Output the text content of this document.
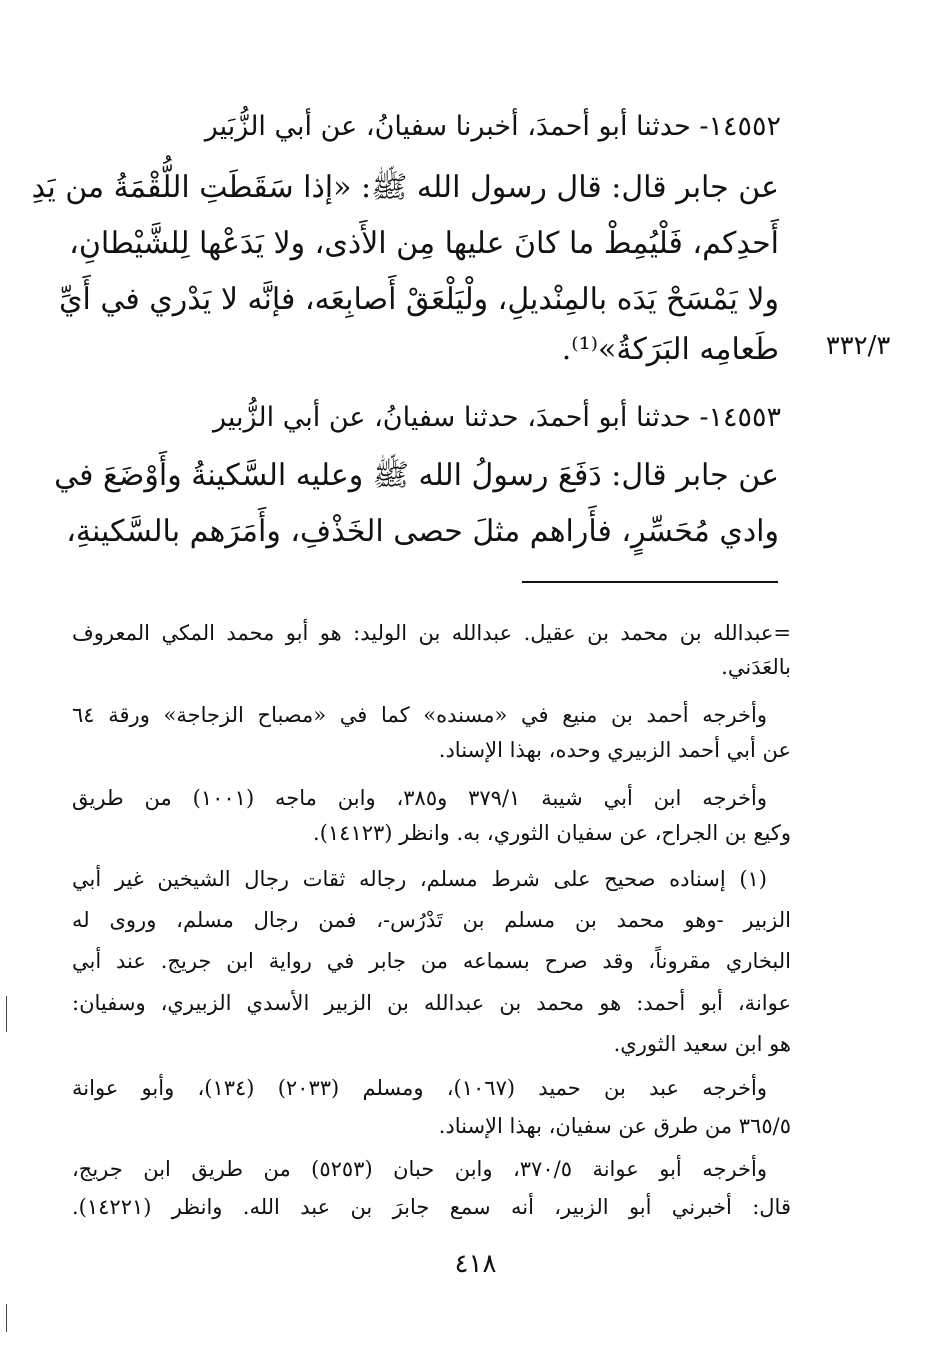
١٤٥٥٢- حدثنا أبو أحمدَ، أخبرنا سفيانُ، عن أبي الزُّبَير

عن جابر قال: قال رسول الله ﷺ: «إذا سَقَطَتِ اللُّقْمَةُ من يَدِ

أَحدِكم، فَلْيُمِطْ ما كانَ عليها مِن الأَذى، ولا يَدَعْها لِلشَّيْطانِ،

ولا يَمْسَحْ يَدَه بالمِنْديلِ، ولْيَلْعَقْ أَصابِعَه، فإنَّه لا يَدْري في أَيِّ

طَعامِه البَرَكةُ»⁽¹⁾.	٣٣٢/٣

١٤٥٥٣- حدثنا أبو أحمدَ، حدثنا سفيانُ، عن أبي الزُّبير

عن جابر قال: دَفَعَ رسولُ الله ﷺ وعليه السَّكينةُ وأَوْضَعَ في

وادي مُحَسِّرٍ، فأَراهم مثلَ حصى الخَذْفِ، وأَمَرَهم بالسَّكينةِ،

=عبدالله بن محمد بن عقيل. عبدالله بن الوليد: هو أبو محمد المكي المعروف

بالعَدَني.

وأخرجه أحمد بن منيع في «مسنده» كما في «مصباح الزجاجة» ورقة ٦٤

عن أبي أحمد الزبيري وحده، بهذا الإسناد.

وأخرجه ابن أبي شيبة ٣٧٩/١ و٣٨٥، وابن ماجه (١٠٠١) من طريق

وكيع بن الجراح، عن سفيان الثوري، به. وانظر (١٤١٢٣).

(١) إسناده صحيح على شرط مسلم، رجاله ثقات رجال الشيخين غير أبي

الزبير -وهو محمد بن مسلم بن تَدْرُس-، فمن رجال مسلم، وروى له

البخاري مقروناً، وقد صرح بسماعه من جابر في رواية ابن جريج. عند أبي

عوانة، أبو أحمد: هو محمد بن عبدالله بن الزبير الأسدي الزبيري، وسفيان:

هو ابن سعيد الثوري.

وأخرجه عبد بن حميد (١٠٦٧)، ومسلم (٢٠٣٣) (١٣٤)، وأبو عوانة

٣٦٥/٥ من طرق عن سفيان، بهذا الإسناد.

وأخرجه أبو عوانة ٣٧٠/٥، وابن حبان (٥٢٥٣) من طريق ابن جريج،

قال: أخبرني أبو الزبير، أنه سمع جابرَ بن عبد الله. وانظر (١٤٢٢١).

٤١٨
